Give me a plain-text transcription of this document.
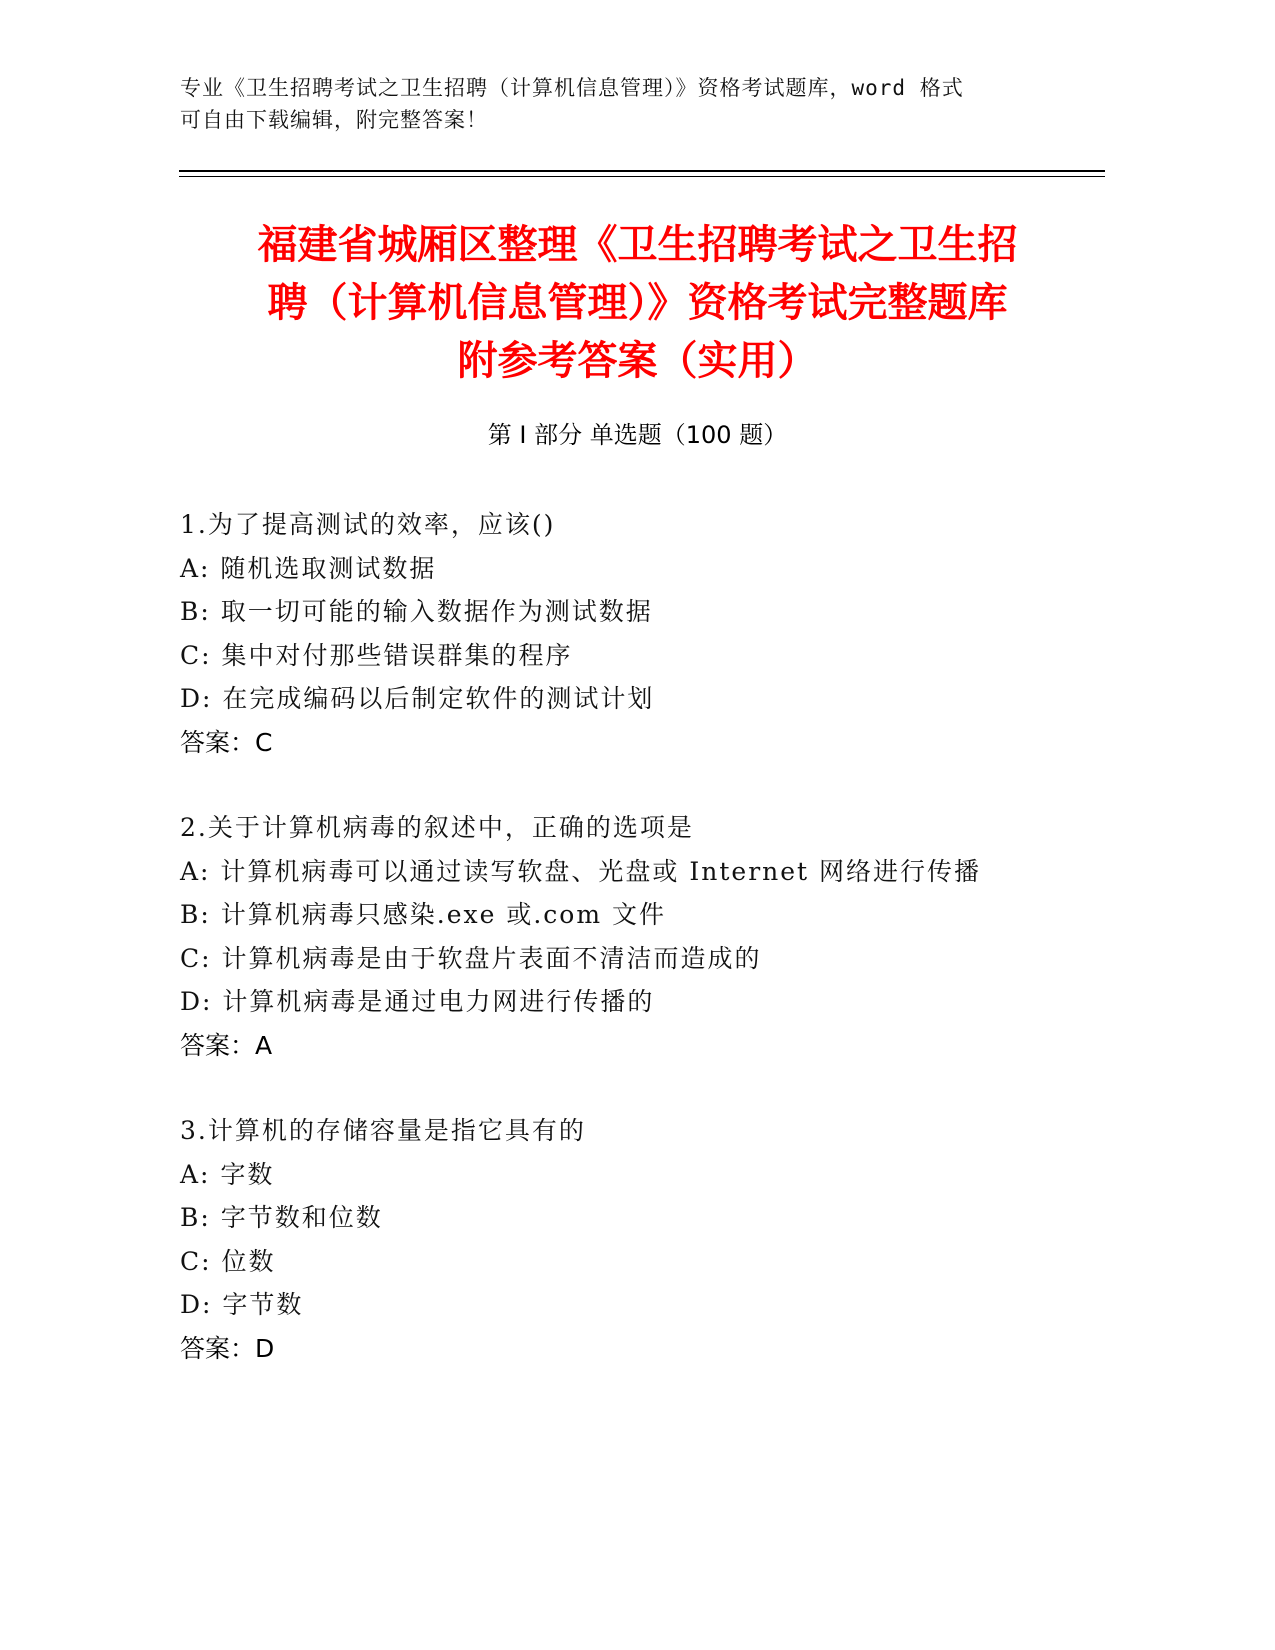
专业《卫生招聘考试之卫生招聘（计算机信息管理）》资格考试题库，word 格式
可自由下载编辑，附完整答案！
福建省城厢区整理《卫生招聘考试之卫生招
聘（计算机信息管理）》资格考试完整题库
附参考答案（实用）
第 I 部分 单选题（100 题）
1.为了提高测试的效率，应该()
A: 随机选取测试数据
B: 取一切可能的输入数据作为测试数据
C: 集中对付那些错误群集的程序
D: 在完成编码以后制定软件的测试计划
答案：C
2.关于计算机病毒的叙述中，正确的选项是
A: 计算机病毒可以通过读写软盘、光盘或 Internet 网络进行传播
B: 计算机病毒只感染.exe 或.com 文件
C: 计算机病毒是由于软盘片表面不清洁而造成的
D: 计算机病毒是通过电力网进行传播的
答案：A
3.计算机的存储容量是指它具有的
A: 字数
B: 字节数和位数
C: 位数
D: 字节数
答案：D
